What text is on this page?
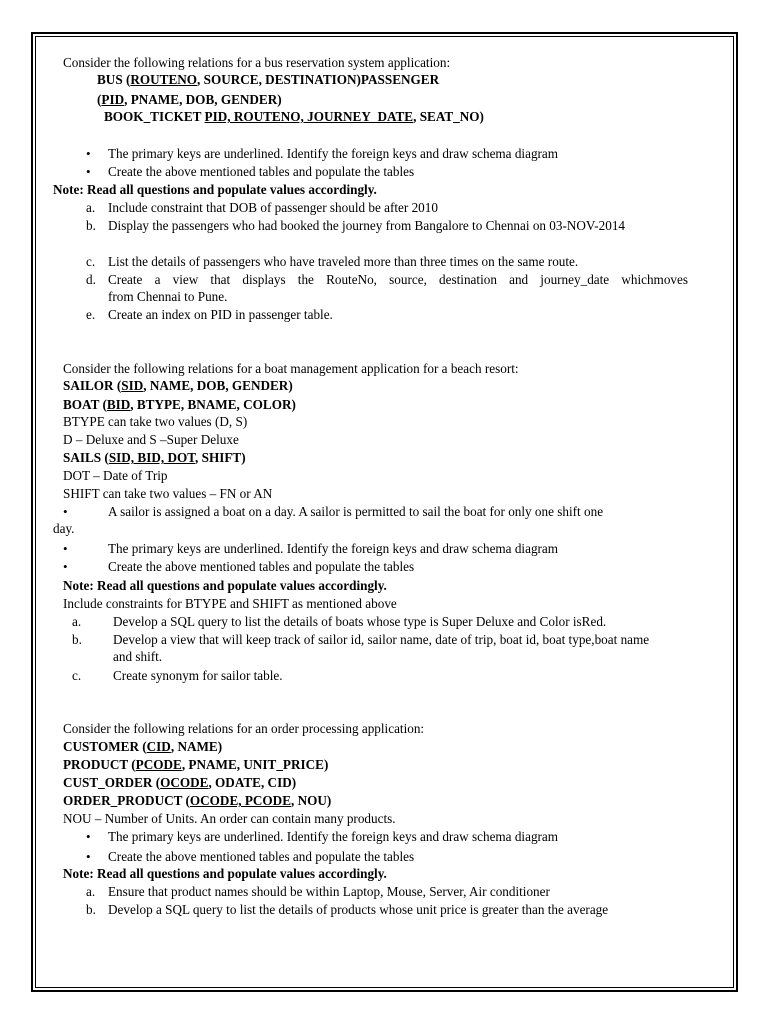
Consider the following relations for a bus reservation system application:
BUS (ROUTENO, SOURCE, DESTINATION)PASSENGER
(PID, PNAME, DOB, GENDER)
BOOK_TICKET PID, ROUTENO, JOURNEY_DATE, SEAT_NO)
• The primary keys are underlined. Identify the foreign keys and draw schema diagram
• Create the above mentioned tables and populate the tables
Note: Read all questions and populate values accordingly.
a. Include constraint that DOB of passenger should be after 2010
b. Display the passengers who had booked the journey from Bangalore to Chennai on 03-NOV-2014
c. List the details of passengers who have traveled more than three times on the same route.
d. Create a view that displays the RouteNo, source, destination and journey_date whichmoves
from Chennai to Pune.
e. Create an index on PID in passenger table.
Consider the following relations for a boat management application for a beach resort:
SAILOR (SID, NAME, DOB, GENDER)
BOAT (BID, BTYPE, BNAME, COLOR)
BTYPE can take two values (D, S)
D – Deluxe and S –Super Deluxe
SAILS (SID, BID, DOT, SHIFT)
DOT – Date of Trip
SHIFT can take two values – FN or AN
•	A sailor is assigned a boat on a day. A sailor is permitted to sail the boat for only one shift one
day.
•	The primary keys are underlined. Identify the foreign keys and draw schema diagram
•	Create the above mentioned tables and populate the tables
Note: Read all questions and populate values accordingly.
Include constraints for BTYPE and SHIFT as mentioned above
a. Develop a SQL query to list the details of boats whose type is Super Deluxe and Color isRed.
b. Develop a view that will keep track of sailor id, sailor name, date of trip, boat id, boat type,boat name
and shift.
c. Create synonym for sailor table.
Consider the following relations for an order processing application:
CUSTOMER (CID, NAME)
PRODUCT (PCODE, PNAME, UNIT_PRICE)
CUST_ORDER (OCODE, ODATE, CID)
ORDER_PRODUCT (OCODE, PCODE, NOU)
NOU – Number of Units. An order can contain many products.
• The primary keys are underlined. Identify the foreign keys and draw schema diagram
• Create the above mentioned tables and populate the tables
Note: Read all questions and populate values accordingly.
a. Ensure that product names should be within Laptop, Mouse, Server, Air conditioner
b. Develop a SQL query to list the details of products whose unit price is greater than the average
